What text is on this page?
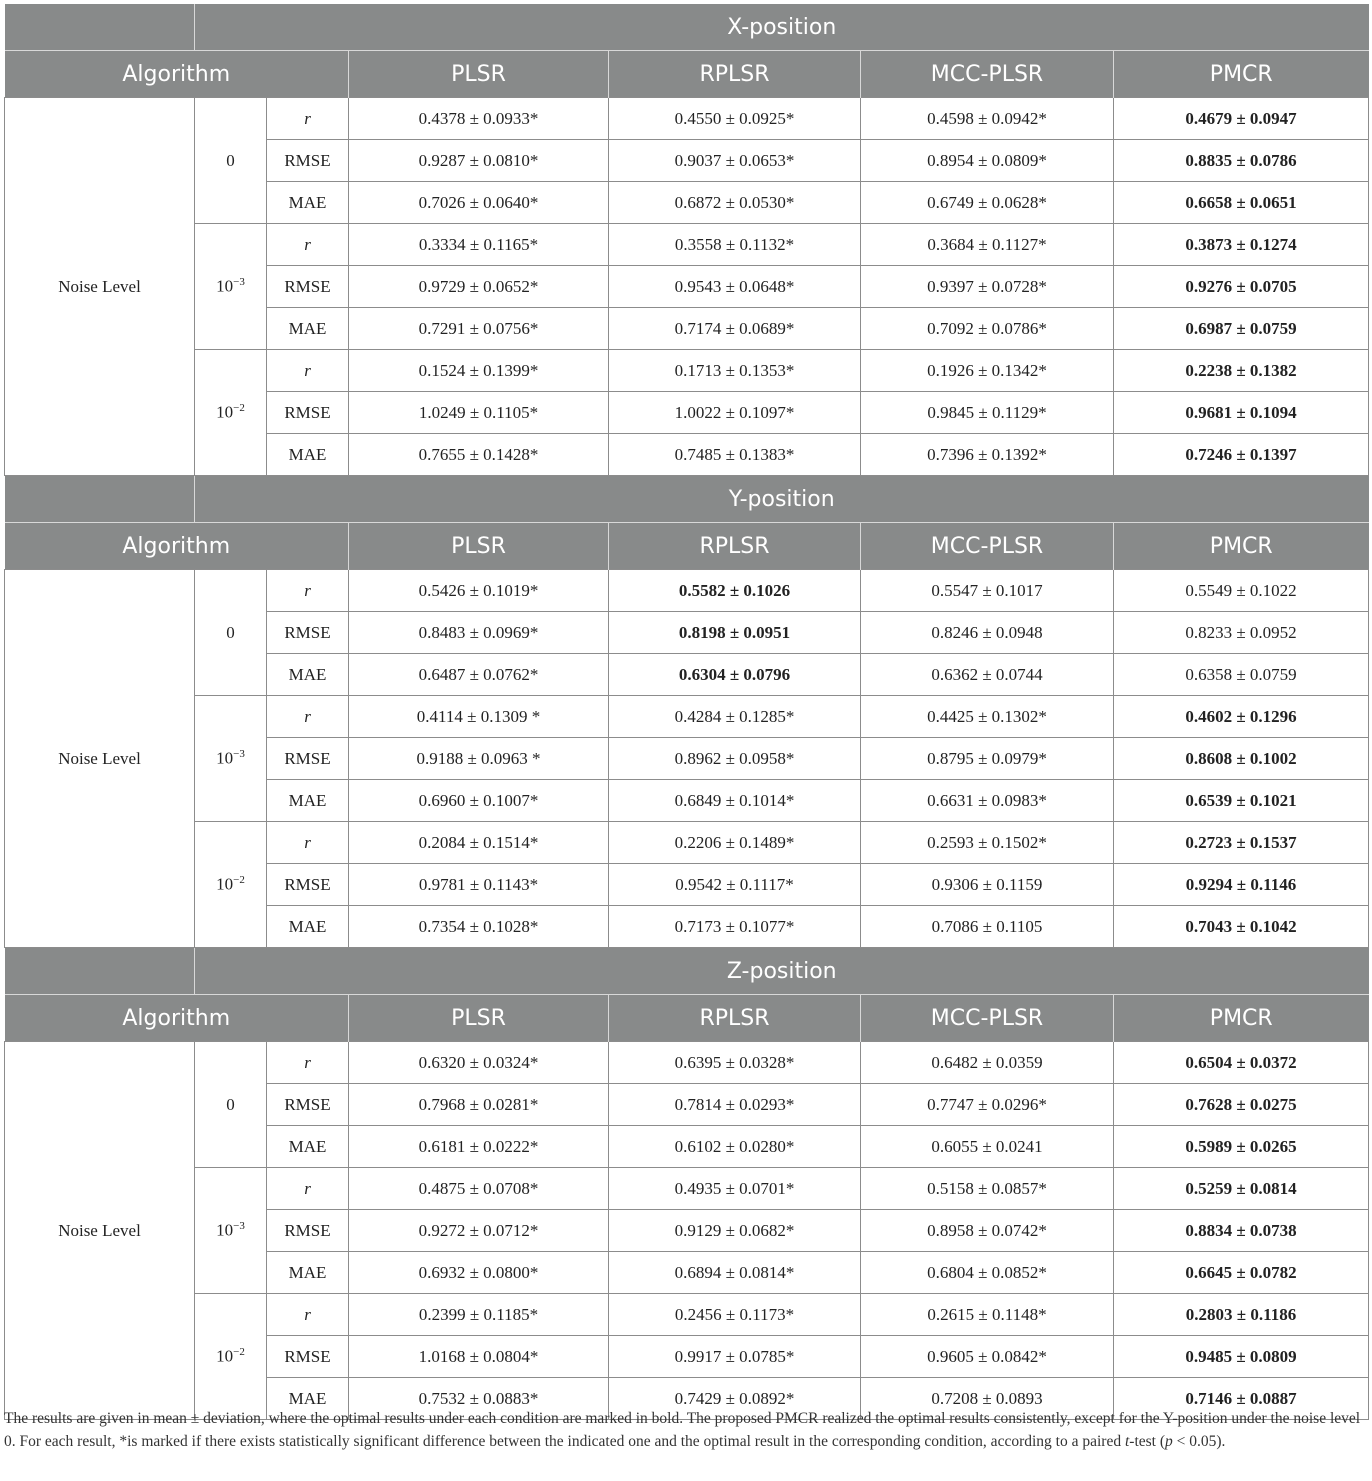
	X-position					
Algorithm			PLSR	RPLSR	MCC-PLSR	PMCR
Noise Level	0	r	0.4378 ± 0.0933*	0.4550 ± 0.0925*	0.4598 ± 0.0942*	0.4679 ± 0.0947
		RMSE	0.9287 ± 0.0810*	0.9037 ± 0.0653*	0.8954 ± 0.0809*	0.8835 ± 0.0786
		MAE	0.7026 ± 0.0640*	0.6872 ± 0.0530*	0.6749 ± 0.0628*	0.6658 ± 0.0651
	$10^{-3}$	r	0.3334 ± 0.1165*	0.3558 ± 0.1132*	0.3684 ± 0.1127*	0.3873 ± 0.1274
		RMSE	0.9729 ± 0.0652*	0.9543 ± 0.0648*	0.9397 ± 0.0728*	0.9276 ± 0.0705
		MAE	0.7291 ± 0.0756*	0.7174 ± 0.0689*	0.7092 ± 0.0786*	0.6987 ± 0.0759
	$10^{-2}$	r	0.1524 ± 0.1399*	0.1713 ± 0.1353*	0.1926 ± 0.1342*	0.2238 ± 0.1382
		RMSE	1.0249 ± 0.1105*	1.0022 ± 0.1097*	0.9845 ± 0.1129*	0.9681 ± 0.1094
		MAE	0.7655 ± 0.1428*	0.7485 ± 0.1383*	0.7396 ± 0.1392*	0.7246 ± 0.1397
	Y-position					
Algorithm			PLSR	RPLSR	MCC-PLSR	PMCR
Noise Level	0	r	0.5426 ± 0.1019*	0.5582 ± 0.1026	0.5547 ± 0.1017	0.5549 ± 0.1022
		RMSE	0.8483 ± 0.0969*	0.8198 ± 0.0951	0.8246 ± 0.0948	0.8233 ± 0.0952
		MAE	0.6487 ± 0.0762*	0.6304 ± 0.0796	0.6362 ± 0.0744	0.6358 ± 0.0759
	$10^{-3}$	r	0.4114 ± 0.1309 *	0.4284 ± 0.1285*	0.4425 ± 0.1302*	0.4602 ± 0.1296
		RMSE	0.9188 ± 0.0963 *	0.8962 ± 0.0958*	0.8795 ± 0.0979*	0.8608 ± 0.1002
		MAE	0.6960 ± 0.1007*	0.6849 ± 0.1014*	0.6631 ± 0.0983*	0.6539 ± 0.1021
	$10^{-2}$	r	0.2084 ± 0.1514*	0.2206 ± 0.1489*	0.2593 ± 0.1502*	0.2723 ± 0.1537
		RMSE	0.9781 ± 0.1143*	0.9542 ± 0.1117*	0.9306 ± 0.1159	0.9294 ± 0.1146
		MAE	0.7354 ± 0.1028*	0.7173 ± 0.1077*	0.7086 ± 0.1105	0.7043 ± 0.1042
	Z-position					
Algorithm			PLSR	RPLSR	MCC-PLSR	PMCR
Noise Level	0	r	0.6320 ± 0.0324*	0.6395 ± 0.0328*	0.6482 ± 0.0359	0.6504 ± 0.0372
		RMSE	0.7968 ± 0.0281*	0.7814 ± 0.0293*	0.7747 ± 0.0296*	0.7628 ± 0.0275
		MAE	0.6181 ± 0.0222*	0.6102 ± 0.0280*	0.6055 ± 0.0241	0.5989 ± 0.0265
	$10^{-3}$	r	0.4875 ± 0.0708*	0.4935 ± 0.0701*	0.5158 ± 0.0857*	0.5259 ± 0.0814
		RMSE	0.9272 ± 0.0712*	0.9129 ± 0.0682*	0.8958 ± 0.0742*	0.8834 ± 0.0738
		MAE	0.6932 ± 0.0800*	0.6894 ± 0.0814*	0.6804 ± 0.0852*	0.6645 ± 0.0782
	$10^{-2}$	r	0.2399 ± 0.1185*	0.2456 ± 0.1173*	0.2615 ± 0.1148*	0.2803 ± 0.1186
		RMSE	1.0168 ± 0.0804*	0.9917 ± 0.0785*	0.9605 ± 0.0842*	0.9485 ± 0.0809
		MAE	0.7532 ± 0.0883*	0.7429 ± 0.0892*	0.7208 ± 0.0893	0.7146 ± 0.0887

The results are given in mean ± deviation, where the optimal results under each condition are marked in bold. The proposed PMCR realized the optimal results consistently, except for the Y-position under the noise level 0. For each result, *is marked if there exists statistically significant difference between the indicated one and the optimal result in the corresponding condition, according to a paired t-test (p < 0.05).
